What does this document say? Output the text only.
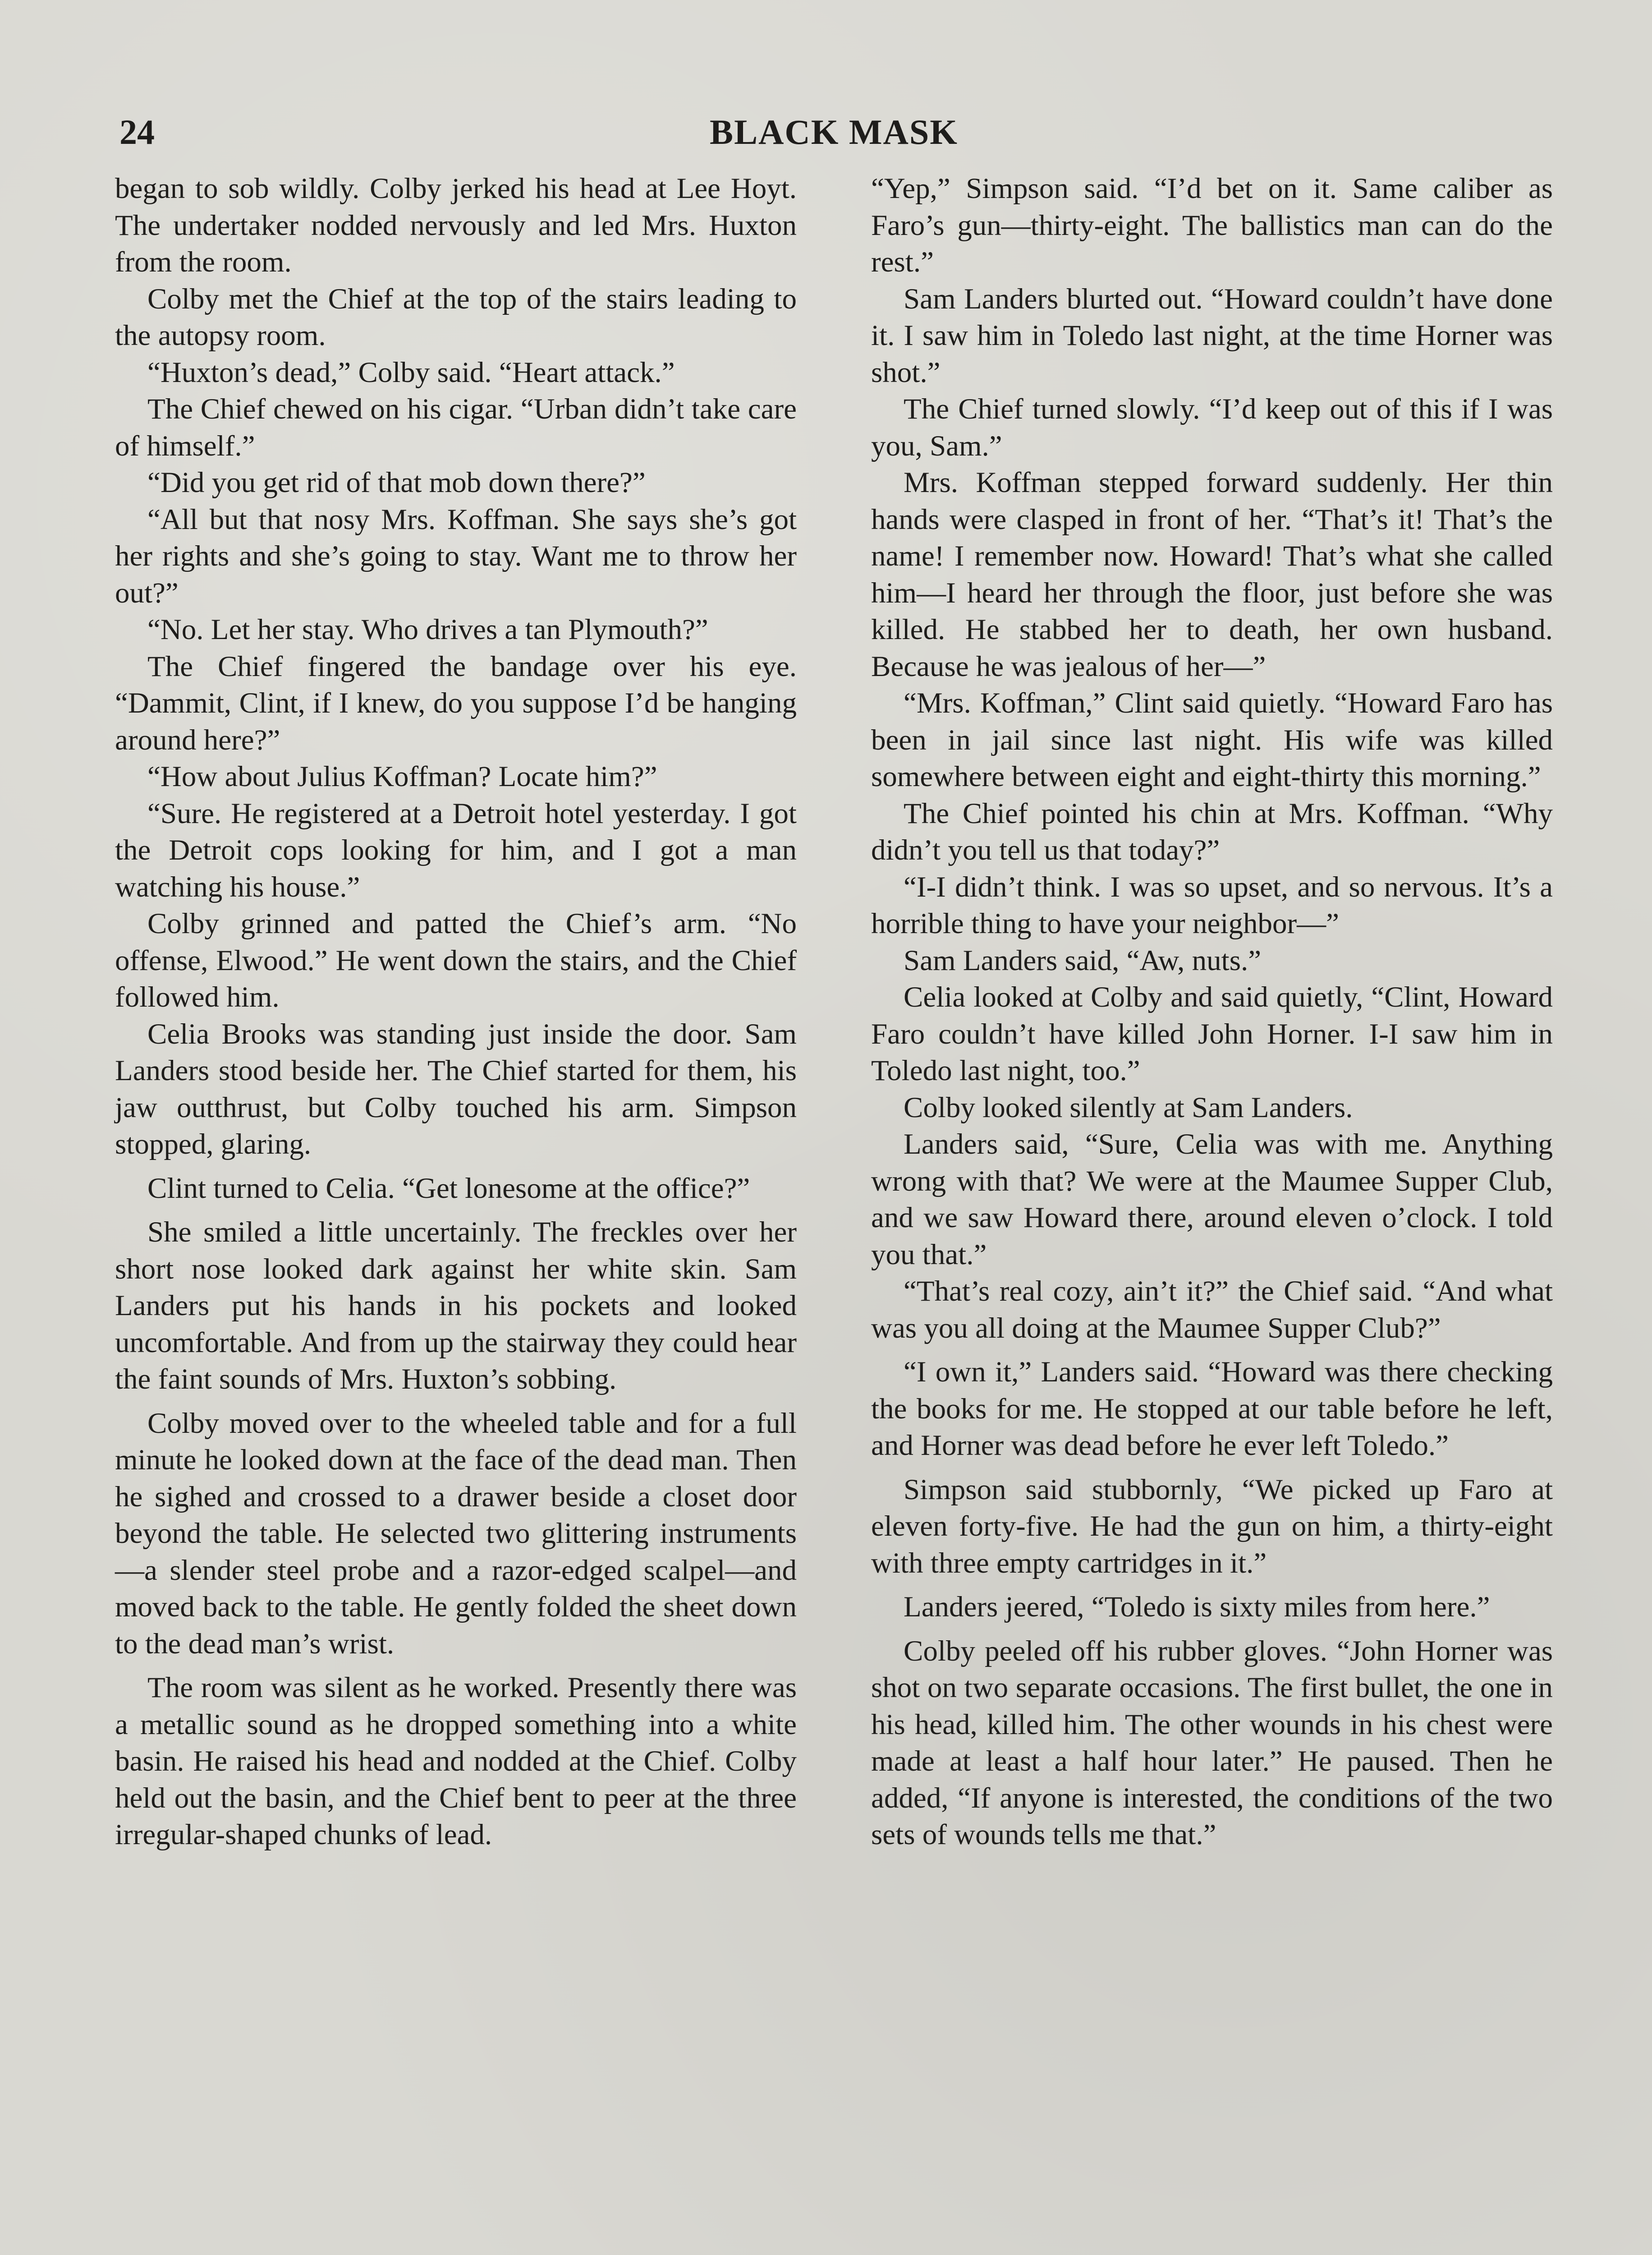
24	BLACK MASK

began to sob wildly. Colby jerked his head at Lee Hoyt. The undertaker nodded nervously and led Mrs. Huxton from the room.

Colby met the Chief at the top of the stairs leading to the autopsy room.

“Huxton’s dead,” Colby said. “Heart attack.”

The Chief chewed on his cigar. “Urban didn’t take care of himself.”

“Did you get rid of that mob down there?”

“All but that nosy Mrs. Koffman. She says she’s got her rights and she’s going to stay. Want me to throw her out?”

“No. Let her stay. Who drives a tan Plymouth?”

The Chief fingered the bandage over his eye. “Dammit, Clint, if I knew, do you suppose I’d be hanging around here?”

“How about Julius Koffman? Locate him?”

“Sure. He registered at a Detroit hotel yesterday. I got the Detroit cops looking for him, and I got a man watching his house.”

Colby grinned and patted the Chief’s arm. “No offense, Elwood.” He went down the stairs, and the Chief followed him.

Celia Brooks was standing just inside the door. Sam Landers stood beside her. The Chief started for them, his jaw outthrust, but Colby touched his arm. Simpson stopped, glaring.

Clint turned to Celia. “Get lonesome at the office?”

She smiled a little uncertainly. The freckles over her short nose looked dark against her white skin. Sam Landers put his hands in his pockets and looked uncomfortable. And from up the stairway they could hear the faint sounds of Mrs. Huxton’s sobbing.

Colby moved over to the wheeled table and for a full minute he looked down at the face of the dead man. Then he sighed and crossed to a drawer beside a closet door beyond the table. He selected two glittering instruments—a slender steel probe and a razor-edged scalpel—and moved back to the table. He gently folded the sheet down to the dead man’s wrist.

The room was silent as he worked. Presently there was a metallic sound as he dropped something into a white basin. He raised his head and nodded at the Chief. Colby held out the basin, and the Chief bent to peer at the three irregular-shaped chunks of lead.

“Yep,” Simpson said. “I’d bet on it. Same caliber as Faro’s gun—thirty-eight. The ballistics man can do the rest.”

Sam Landers blurted out. “Howard couldn’t have done it. I saw him in Toledo last night, at the time Horner was shot.”

The Chief turned slowly. “I’d keep out of this if I was you, Sam.”

Mrs. Koffman stepped forward suddenly. Her thin hands were clasped in front of her. “That’s it! That’s the name! I remember now. Howard! That’s what she called him—I heard her through the floor, just before she was killed. He stabbed her to death, her own husband. Because he was jealous of her—”

“Mrs. Koffman,” Clint said quietly. “Howard Faro has been in jail since last night. His wife was killed somewhere between eight and eight-thirty this morning.”

The Chief pointed his chin at Mrs. Koffman. “Why didn’t you tell us that today?”

“I-I didn’t think. I was so upset, and so nervous. It’s a horrible thing to have your neighbor—”

Sam Landers said, “Aw, nuts.”

Celia looked at Colby and said quietly, “Clint, Howard Faro couldn’t have killed John Horner. I-I saw him in Toledo last night, too.”

Colby looked silently at Sam Landers.

Landers said, “Sure, Celia was with me. Anything wrong with that? We were at the Maumee Supper Club, and we saw Howard there, around eleven o’clock. I told you that.”

“That’s real cozy, ain’t it?” the Chief said. “And what was you all doing at the Maumee Supper Club?”

“I own it,” Landers said. “Howard was there checking the books for me. He stopped at our table before he left, and Horner was dead before he ever left Toledo.”

Simpson said stubbornly, “We picked up Faro at eleven forty-five. He had the gun on him, a thirty-eight with three empty cartridges in it.”

Landers jeered, “Toledo is sixty miles from here.”

Colby peeled off his rubber gloves. “John Horner was shot on two separate occasions. The first bullet, the one in his head, killed him. The other wounds in his chest were made at least a half hour later.” He paused. Then he added, “If anyone is interested, the conditions of the two sets of wounds tells me that.”
